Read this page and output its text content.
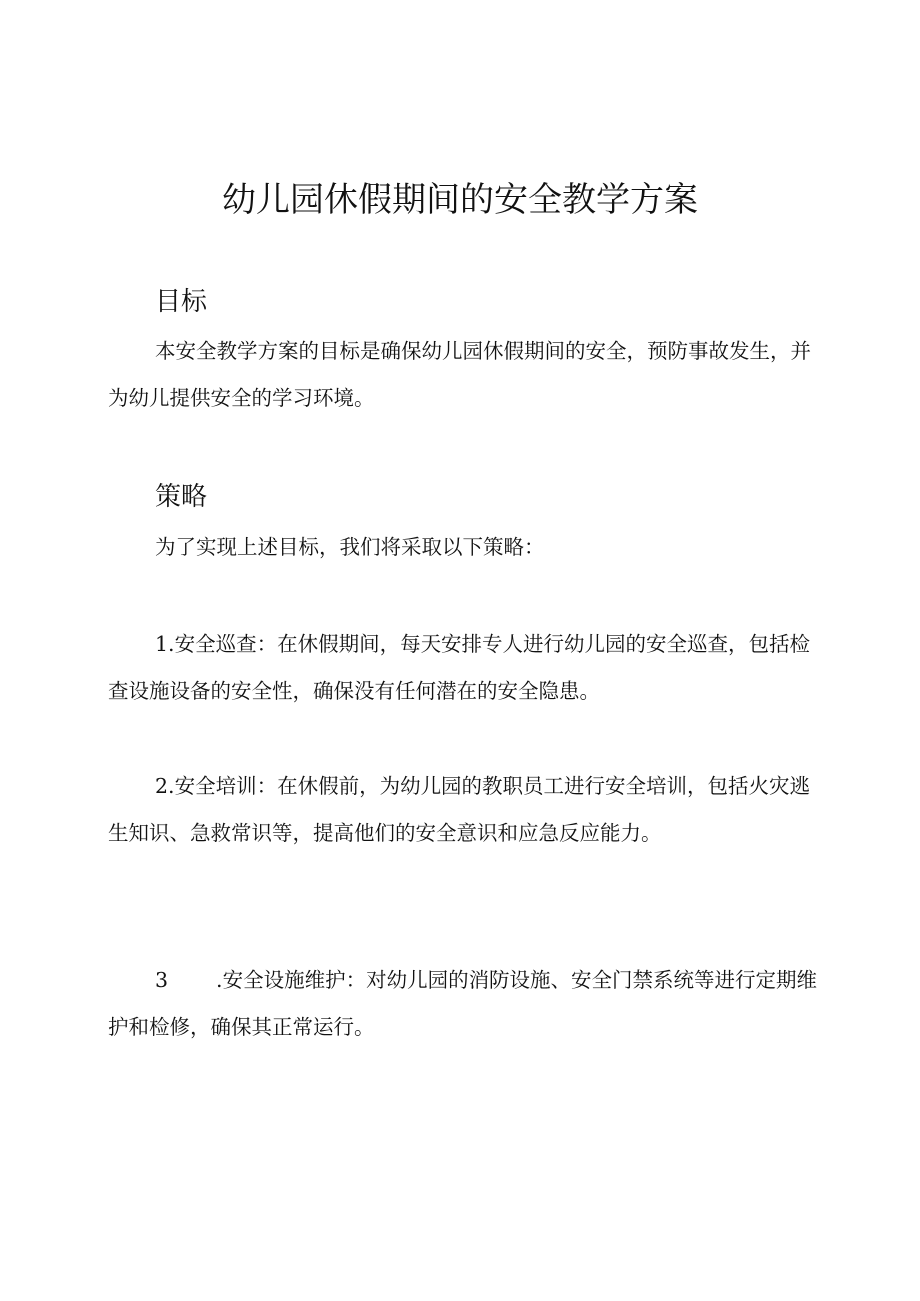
幼儿园休假期间的安全教学方案
目标

本安全教学方案的目标是确保幼儿园休假期间的安全，预防事故发生，并为幼儿提供安全的学习环境。

策略

为了实现上述目标，我们将采取以下策略：

1.安全巡查：在休假期间，每天安排专人进行幼儿园的安全巡查，包括检查设施设备的安全性，确保没有任何潜在的安全隐患。

2.安全培训：在休假前，为幼儿园的教职员工进行安全培训，包括火灾逃生知识、急救常识等，提高他们的安全意识和应急反应能力。

3 .安全设施维护：对幼儿园的消防设施、安全门禁系统等进行定期维护和检修，确保其正常运行。
